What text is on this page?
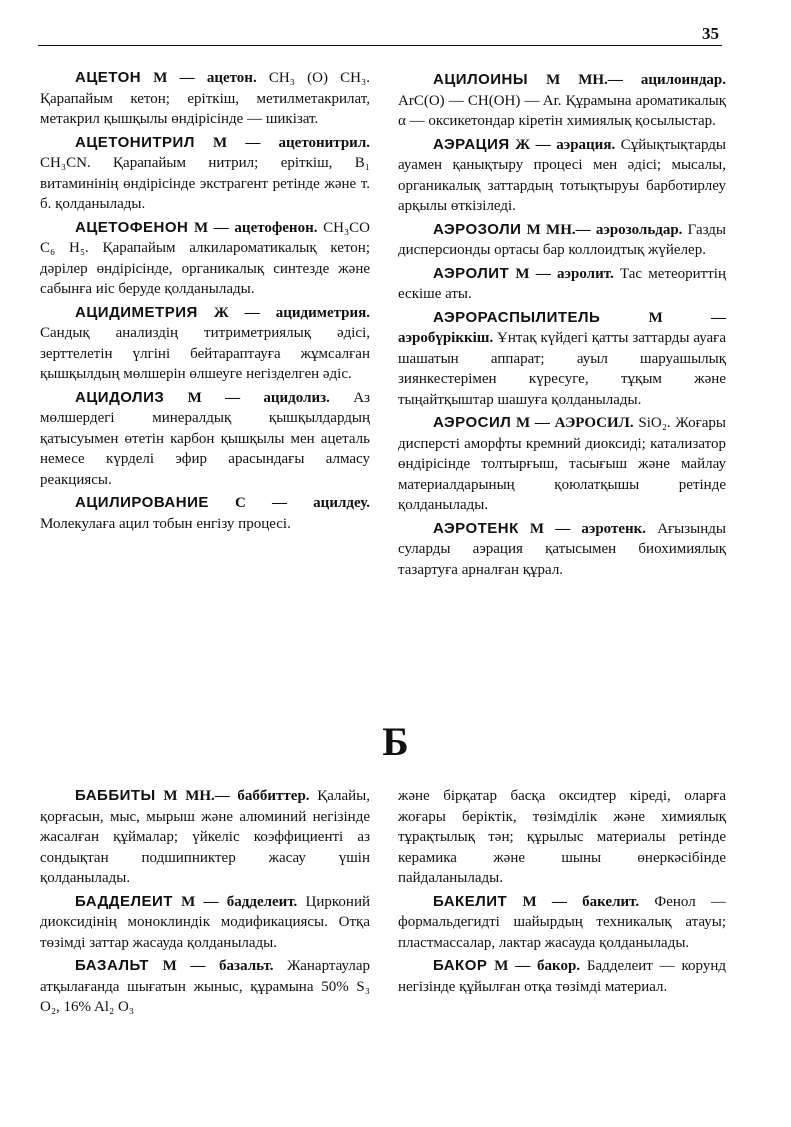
35

АЦЕТОН М — ацетон. СН₃ (О) СН₃. Қарапайым кетон; еріткіш, метилметакрилат, метакрил қышқылы өндірісінде — шикізат.

АЦЕТОНИТРИЛ М — ацетонитрил. CH₃CN. Қарапайым нитрил; еріткіш, B₁ витаминінің өндірісінде экстрагент ретінде және т. б. қолданылады.

АЦЕТОФЕНОН М — ацетофенон. CH₃CO C₆ H₅. Қарапайым алкилароматикалық кетон; дәрілер өндірісінде, органикалық синтезде және сабынға иіс беруде қолданылады.

АЦИДИМЕТРИЯ Ж — ацидиметрия. Сандық анализдің титриметриялық әдісі, зерттелетін үлгіні бейтараптауға жұмсалған қышқылдың мөлшерін өлшеуге негізделген әдіс.

АЦИДОЛИЗ М — ацидолиз. Аз мөлшердегі минералдық қышқылдардың қатысуымен өтетін карбон қышқылы мен ацеталь немесе күрделі эфир арасындағы алмасу реакциясы.

АЦИЛИРОВАНИЕ С — ацилдеу. Молекулаға ацил тобын енгізу процесі.

АЦИЛОИНЫ М МН.— ацилоиндар. ArC(O) — CH(OH) — Ar. Құрамына ароматикалық α — оксикетондар кіретін химиялық қосылыстар.

АЭРАЦИЯ Ж — аэрация. Сұйықтықтарды ауамен қанықтыру процесі мен әдісі; мысалы, органикалық заттардың тотықтыруы барботирлеу арқылы өткізіледі.

АЭРОЗОЛИ М МН.— аэрозольдар. Газды дисперсионды ортасы бар коллоидтық жүйелер.

АЭРОЛИТ М — аэролит. Тас метеориттің ескіше аты.

АЭРОРАСПЫЛИТЕЛЬ М — аэробүріккіш. Ұнтақ күйдегі қатты заттарды ауаға шашатын аппарат; ауыл шаруашылық зиянкестерімен күресуге, тұқым және тыңайтқыштар шашуға қолданылады.

АЭРОСИЛ М — АЭРОСИЛ. SiO₂. Жоғары дисперсті аморфты кремний диоксиді; катализатор өндірісінде толтырғыш, тасығыш және майлау материалдарының қоюлатқышы ретінде қолданылады.

АЭРОТЕНК М — аэротенк. Ағызынды суларды аэрация қатысымен биохимиялық тазартуға арналған құрал.

Б

БАББИТЫ М МН.— баббиттер. Қалайы, қорғасын, мыс, мырыш және алюминий негізінде жасалған құймалар; үйкеліс коэффициенті аз сондықтан подшипниктер жасау үшін қолданылады.

БАДДЕЛЕИТ М — бадделеит. Цирконий диоксидінің моноклиндік модификациясы. Отқа төзімді заттар жасауда қолданылады.

БАЗАЛЬТ М — базальт. Жанартаулар атқылағанда шығатын жыныс, құрамына 50% S₃ O₂, 16% Al₂ O₃

және бірқатар басқа оксидтер кіреді, оларға жоғары беріктік, төзімділік және химиялық тұрақтылық тән; құрылыс материалы ретінде керамика және шыны өнеркәсібінде пайдаланылады.

БАКЕЛИТ М — бакелит. Фенол — формальдегидті шайырдың техникалық атауы; пластмассалар, лактар жасауда қолданылады.

БАКОР М — бакор. Бадделеит — корунд негізінде құйылған отқа төзімді материал.
